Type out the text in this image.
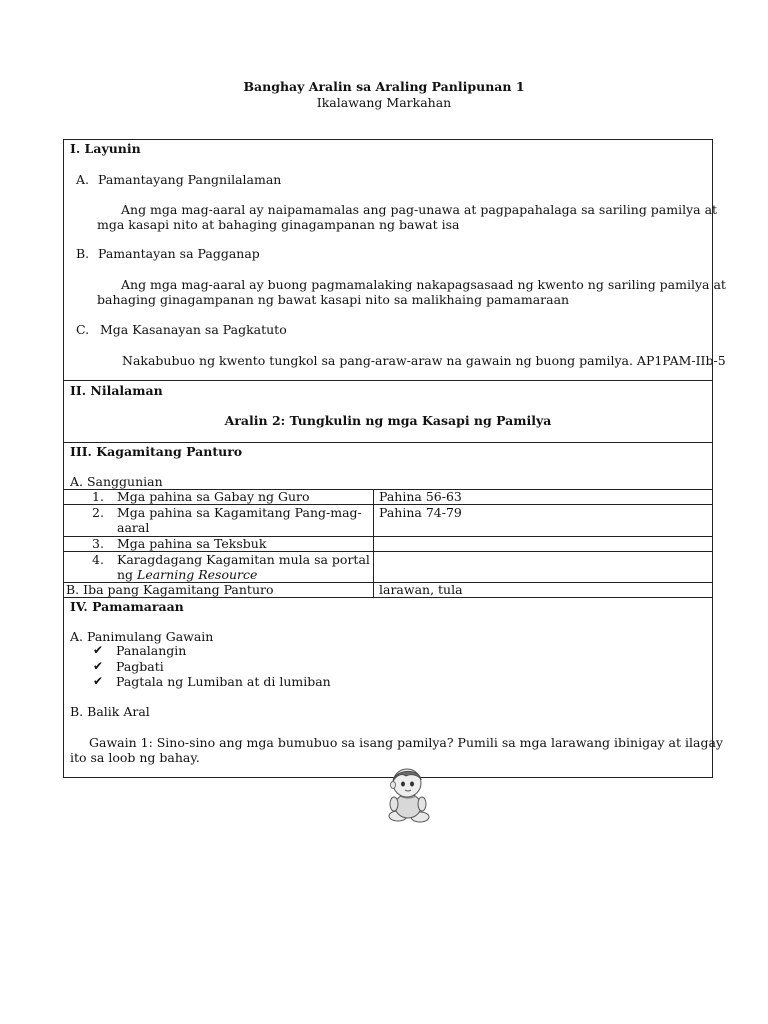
Banghay Aralin sa Araling Panlipunan 1
Ikalawang Markahan
I. Layunin
A. Pamantayang Pangnilalaman
Ang mga mag-aaral ay naipamamalas ang pag-unawa at pagpapahalaga sa sariling pamilya at
mga kasapi nito at bahaging ginagampanan ng bawat isa
B. Pamantayan sa Pagganap
Ang mga mag-aaral ay buong pagmamalaking nakapagsasaad ng kwento ng sariling pamilya at
bahaging ginagampanan ng bawat kasapi nito sa malikhaing pamamaraan
C. Mga Kasanayan sa Pagkatuto
Nakabubuo ng kwento tungkol sa pang-araw-araw na gawain ng buong pamilya. AP1PAM-IIb-5
II. Nilalaman
Aralin 2: Tungkulin ng mga Kasapi ng Pamilya
III. Kagamitang Panturo
A. Sanggunian
1. Mga pahina sa Gabay ng Guro	Pahina 56-63
2. Mga pahina sa Kagamitang Pang-mag-
aaral
Pahina 74-79
3. Mga pahina sa Teksbuk
4. Karagdagang Kagamitan mula sa portal
ng Learning Resource
B. Iba pang Kagamitang Panturo	larawan, tula
IV. Pamamaraan
A. Panimulang Gawain
✔ Panalangin
✔ Pagbati
✔ Pagtala ng Lumiban at di lumiban
B. Balik Aral
Gawain 1: Sino-sino ang mga bumubuo sa isang pamilya? Pumili sa mga larawang ibinigay at ilagay
ito sa loob ng bahay.
